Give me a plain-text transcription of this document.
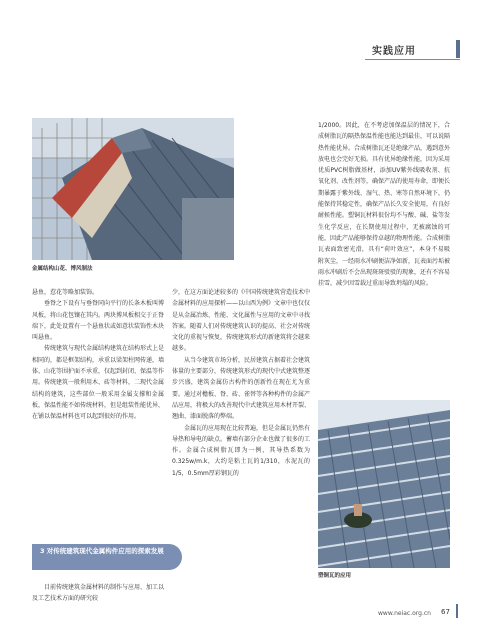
实践应用
金属结构山花、博风制法

悬鱼，惹花等略加装饰。

垂脊之下设有与垂脊同向平行的长条木板叫博风板，将山花包镶在其内。两块博风板相交于正脊端下，此处设置有一个悬鱼状或如意状装饰性木块叫悬鱼。

传统建筑与现代金属结构建筑在结构形式上是相同的，都是框架结构，承重以梁架柱网传递，墙体、山花等围护面不承重，仅起到封闭、保温等作用。传统建筑一般利用木、砖等材料，二现代金属结构的建筑，这些部位一般采用金属支撑和金属板，保温性能不如传统材料，但是组装性能优异，在铺以保温材料也可以起到很好的作用。

3 对传统建筑现代金属构件应用的探索发展

目前传统建筑金属材料的制作与应用、加工以及工艺技术方面的研究较

少，在这方面论述较多的《中国传统建筑营造技术中金属材料的应用探析——以山西为例》文章中也仅仅是从金属冶炼、性能、文化属性与应用的文章中寻找答案。随着人们对传统建筑认识的提高、社会对传统文化的重视与恢复，传统建筑形式的新建筑将会越来越多。

从当今建筑市场分析，民居建筑占据着社会建筑体量的主要部分，传统建筑形式的现代中式建筑整逐步兴盛，建筑金属仿古构件的创新性在现在尤为重要。通过对檐板、脊、砖、雀替等各种构件的金属产品应用，将极大的改善现代中式建筑应用木材开裂、翘曲、漆面脱落的弊端。

金属瓦的应用现在比较普遍，但是金属瓦仍然有导热和导电的缺点。蓄墙有部分企业也做了很多的工作。金属合成树脂瓦即为一例，其导热系数为0.325w/m.k，大约是粘土瓦的1/310，水泥瓦的1/5，0.5mm厚彩钢瓦的

1/2000。因此，在不考虑加保温层的情况下，合成树脂瓦的隔热保温性能也能达到最佳，可以说隔热性能优异。合成树脂瓦还是绝缘产品，遇到意外放电也会完好无损。具有优异绝缘性能，因为采用优质PVC树脂做基材，添加UV紫外线吸收剂、抗氧化剂、改性剂等，确保产品的使用寿命，即便长期暴露于紫外线、湿气、热、寒等自然环境下，仍能保持其稳定性，确保产品长久安全使用，有良好耐候性能。塑铜瓦材料很份均不与酸、碱、盐等发生化学反应，在长期使用过程中，无被腐蚀的可能，因此产品能够保持卓越的物理性能。合成树脂瓦表面致密光滑，具有“荷叶效应”，本身不易吸附灰尘，一经雨水冲刷便洁净如新，瓦表面污垢被雨水冲刷后不会出现斑斑驳驳的现象，还有不容易挂雪，减少因雪载过重而导致坍塌的风险。

塑铜瓦的应用
www.neiac.org.cn 67
